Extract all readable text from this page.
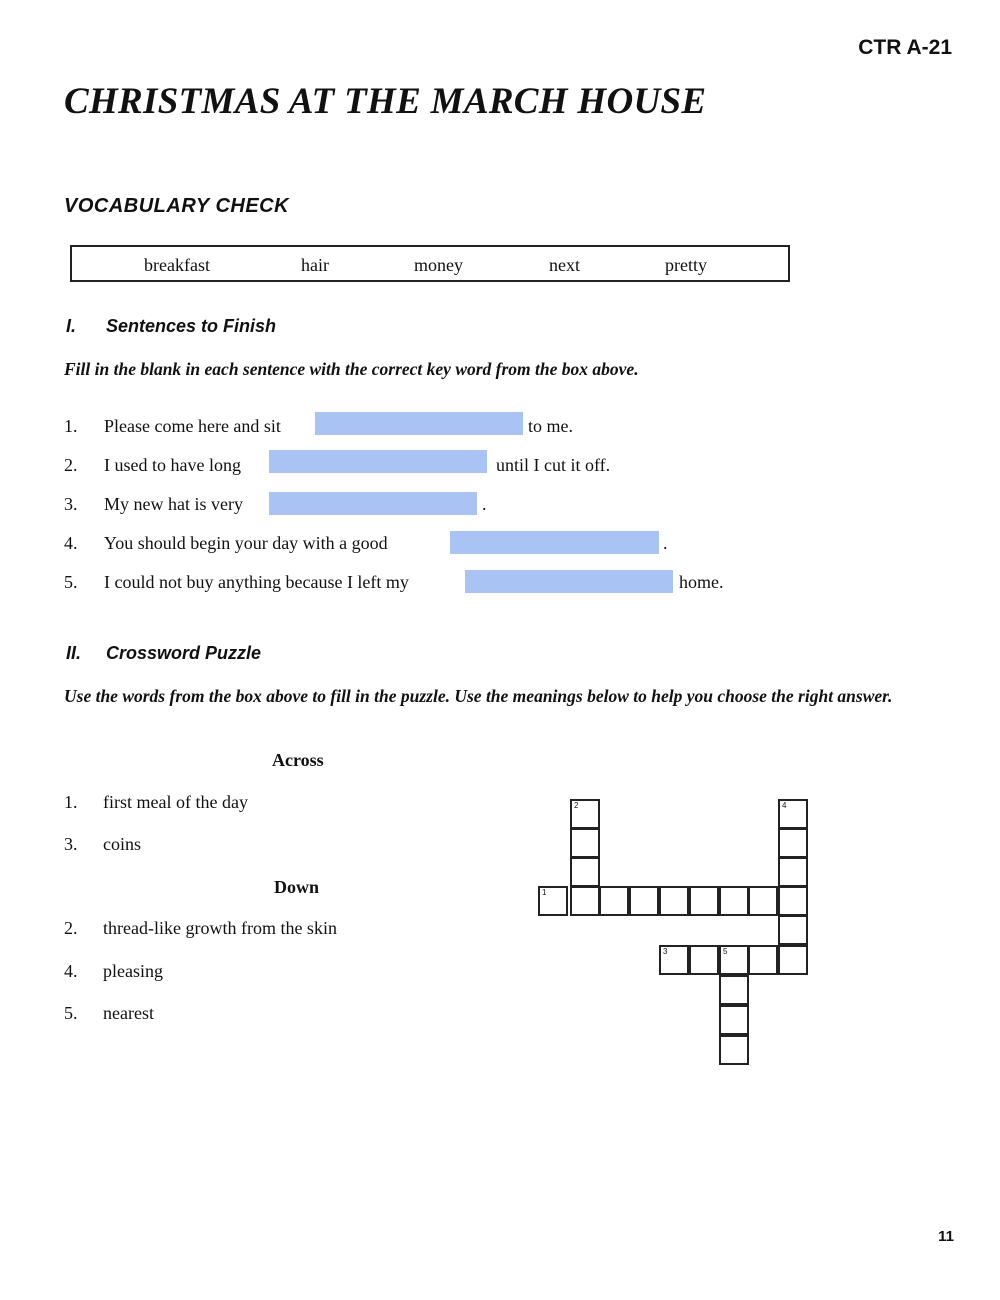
CTR A-21
CHRISTMAS AT THE MARCH HOUSE
VOCABULARY CHECK
breakfast	hair	money	next	pretty
I. Sentences to Finish
Fill in the blank in each sentence with the correct key word from the box above.
1. Please come here and sit	to me.
2. I used to have long	until I cut it off.
3. My new hat is very	.
4. You should begin your day with a good	.
5. I could not buy anything because I left my	home.
II. Crossword Puzzle
Use the words from the box above to fill in the puzzle. Use the meanings below to help you choose the right answer.
Across
1. first meal of the day
3. coins
Down
2. thread-like growth from the skin
4. pleasing
5. nearest
2	4
1
3	5
11
